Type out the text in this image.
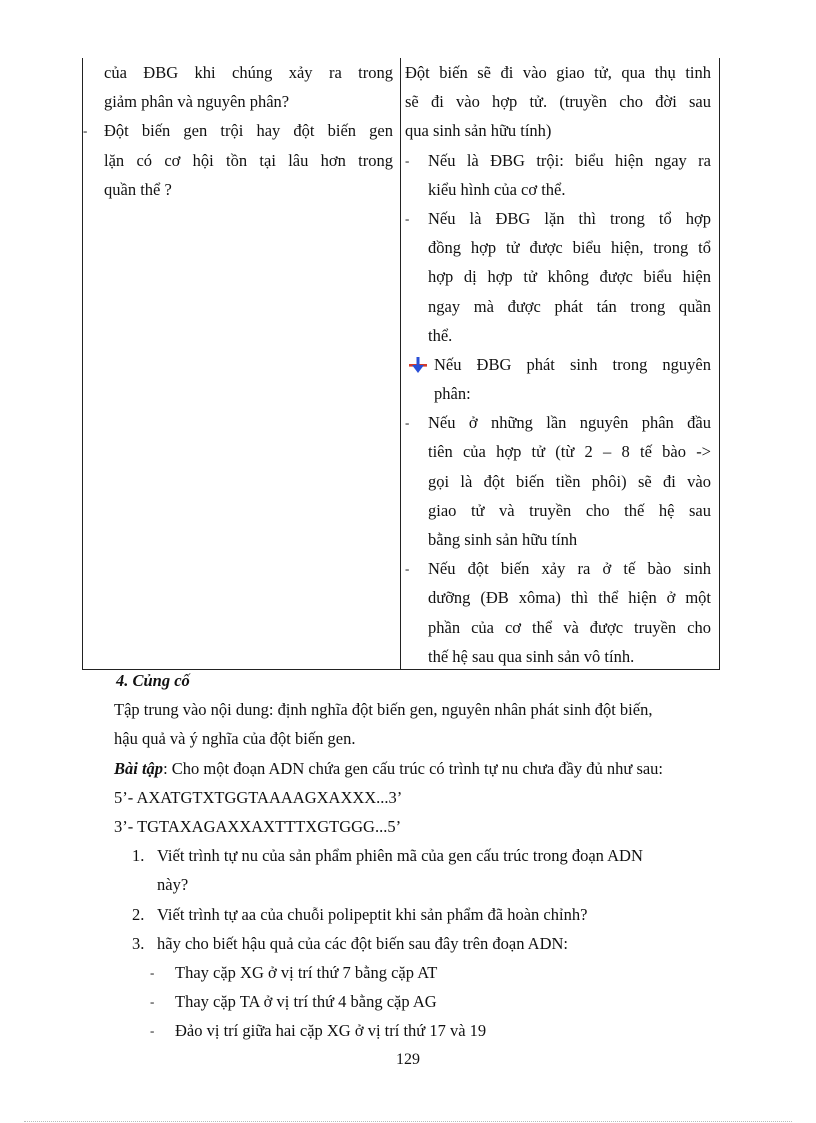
của ĐBG khi chúng xảy ra trong
giảm phân và nguyên phân?
- Đột biến gen trội hay đột biến gen
lặn có cơ hội tồn tại lâu hơn trong
quần thể ?
Đột biến sẽ đi vào giao tử, qua thụ tinh
sẽ đi vào hợp tử. (truyền cho đời sau
qua sinh sản hữu tính)
- Nếu là ĐBG trội: biểu hiện ngay ra
kiểu hình của cơ thể.
- Nếu là ĐBG lặn thì trong tổ hợp
đồng hợp tử được biểu hiện, trong tổ
hợp dị hợp tử không được biểu hiện
ngay mà được phát tán trong quần
thể.
Nếu ĐBG phát sinh trong nguyên
phân:
- Nếu ở những lần nguyên phân đầu
tiên của hợp tử (từ 2 – 8 tế bào ->
gọi là đột biến tiền phôi) sẽ đi vào
giao tử và truyền cho thế hệ sau
bằng sinh sản hữu tính
- Nếu đột biến xảy ra ở tế bào sinh
dưỡng (ĐB xôma) thì thể hiện ở một
phần của cơ thể và được truyền cho
thế hệ sau qua sinh sản vô tính.
4. Củng cố
Tập trung vào nội dung: định nghĩa đột biến gen, nguyên nhân phát sinh đột biến,
hậu quả và ý nghĩa của đột biến gen.
Bài tập: Cho một đoạn ADN chứa gen cấu trúc có trình tự nu chưa đầy đủ như sau:
5’- AXATGTXTGGTAAAAGXAXXX...3’
3’- TGTAXAGAXXAXTTTXGTGGG...5’
1. Viết trình tự nu của sản phẩm phiên mã của gen cấu trúc trong đoạn ADN
này?
2. Viết trình tự aa của chuỗi polipeptit khi sản phẩm đã hoàn chỉnh?
3. hãy cho biết hậu quả của các đột biến sau đây trên đoạn ADN:
- Thay cặp XG ở vị trí thứ 7 bằng cặp AT
- Thay cặp TA ở vị trí thứ 4 bằng cặp AG
- Đảo vị trí giữa hai cặp XG ở vị trí thứ 17 và 19
129
